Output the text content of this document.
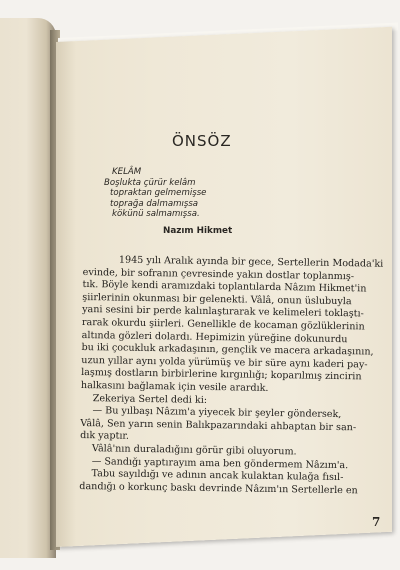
ÖNSÖZ
KELÂM
Boşlukta çürür kelâm
topraktan gelmemişse
toprağa dalmamışsa
kökünü salmamışsa.
Nazım Hikmet
1945 yılı Aralık ayında bir gece, Sertellerin Modada'ki
evinde, bir sofranın çevresinde yakın dostlar toplanmış-
tık. Böyle kendi aramızdaki toplantılarda Nâzım Hikmet'in
şiirlerinin okunması bir gelenekti. Vâlâ, onun üslubuyla
yani sesini bir perde kalınlaştırarak ve kelimeleri toklaştı-
rarak okurdu şiirleri. Genellikle de kocaman gözlüklerinin
altında gözleri dolardı. Hepimizin yüreğine dokunurdu
bu iki çocukluk arkadaşının, gençlik ve macera arkadaşının,
uzun yıllar aynı yolda yürümüş ve bir süre aynı kaderi pay-
laşmış dostların birbirlerine kırgınlığı; koparılmış zincirin
halkasını bağlamak için vesile arardık.
Zekeriya Sertel dedi ki:
— Bu yılbaşı Nâzım'a yiyecek bir şeyler göndersek,
Vâlâ, Sen yarın senin Balıkpazarındaki ahbaptan bir san-
dık yaptır.
Vâlâ'nın duraladığını görür gibi oluyorum.
— Sandığı yaptırayım ama ben göndermem Nâzım'a.
Tabu sayıldığı ve adının ancak kulaktan kulağa fısıl-
dandığı o korkunç baskı devrinde Nâzım'ın Sertellerle en
7
